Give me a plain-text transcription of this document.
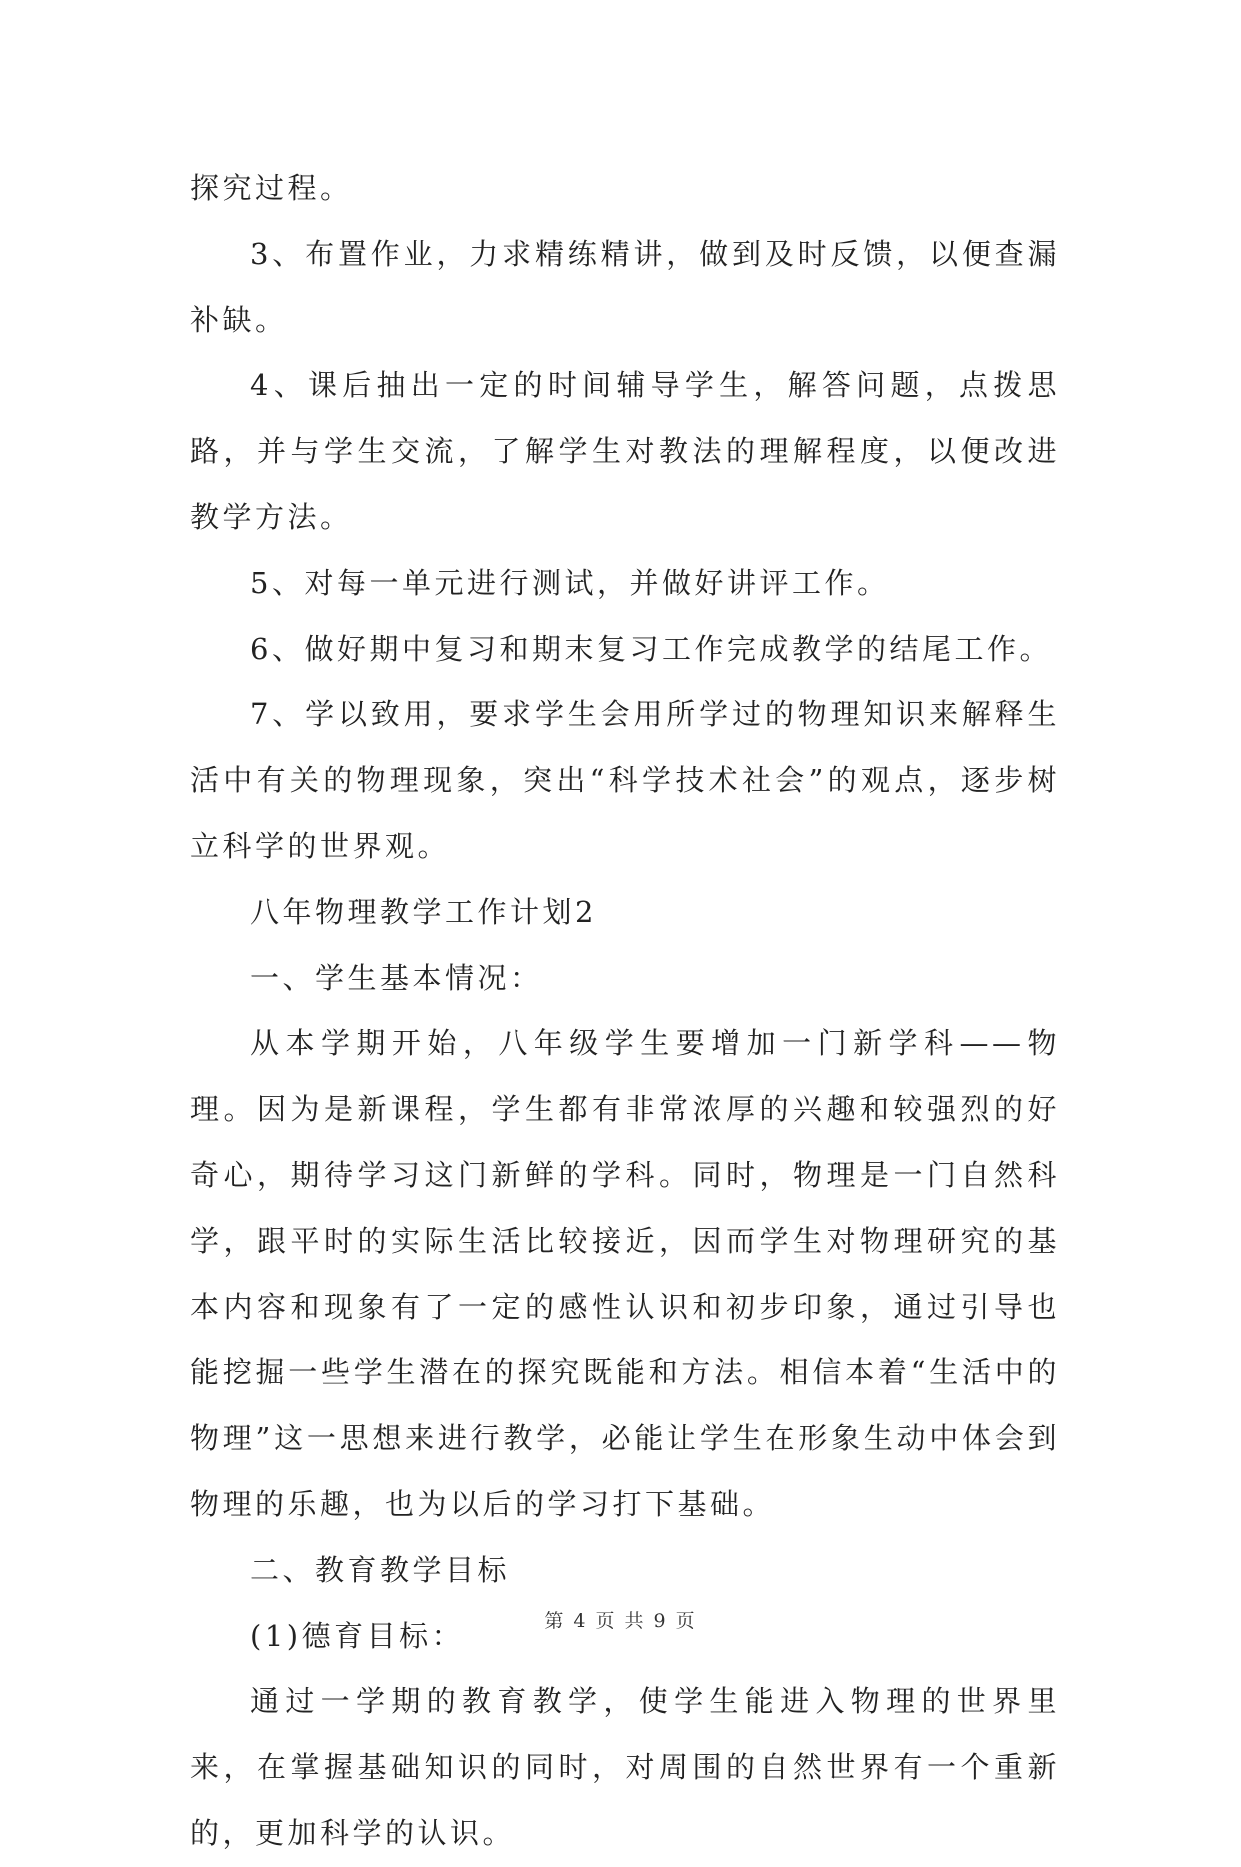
探究过程。

3、布置作业，力求精练精讲，做到及时反馈，以便查漏补缺。

4、课后抽出一定的时间辅导学生，解答问题，点拨思路，并与学生交流，了解学生对教法的理解程度，以便改进教学方法。

5、对每一单元进行测试，并做好讲评工作。

6、做好期中复习和期末复习工作完成教学的结尾工作。

7、学以致用，要求学生会用所学过的物理知识来解释生活中有关的物理现象，突出“科学技术社会”的观点，逐步树立科学的世界观。

八年物理教学工作计划2

一、学生基本情况：

从本学期开始，八年级学生要增加一门新学科——物理。因为是新课程，学生都有非常浓厚的兴趣和较强烈的好奇心，期待学习这门新鲜的学科。同时，物理是一门自然科学，跟平时的实际生活比较接近，因而学生对物理研究的基本内容和现象有了一定的感性认识和初步印象，通过引导也能挖掘一些学生潜在的探究既能和方法。相信本着“生活中的物理”这一思想来进行教学，必能让学生在形象生动中体会到物理的乐趣，也为以后的学习打下基础。

二、教育教学目标

(1)德育目标：

通过一学期的教育教学，使学生能进入物理的世界里来，在掌握基础知识的同时，对周围的自然世界有一个重新的，更加科学的认识。

第 4 页 共 9 页
